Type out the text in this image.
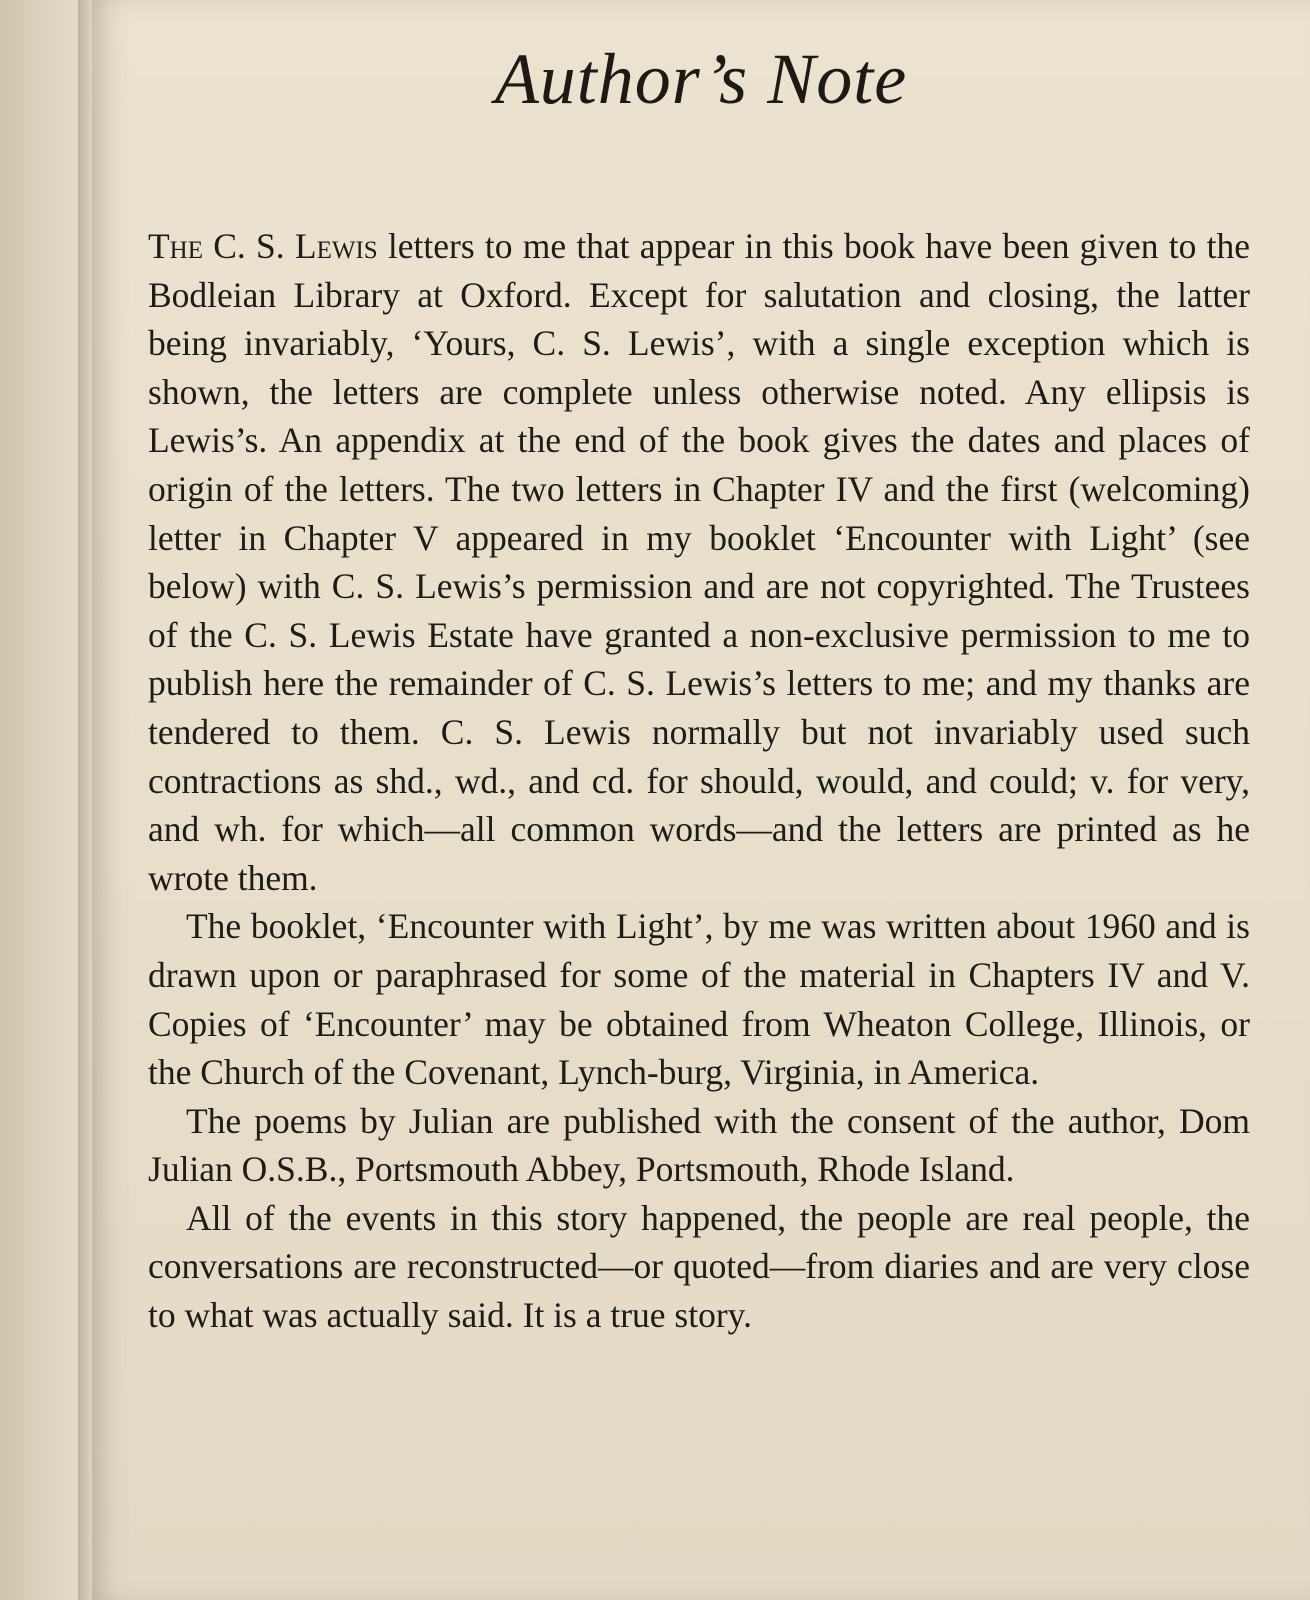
Author’s Note

The C. S. Lewis letters to me that appear in this book have been given to the Bodleian Library at Oxford. Except for salutation and closing, the latter being invariably, ‘Yours, C. S. Lewis’, with a single exception which is shown, the letters are complete unless otherwise noted. Any ellipsis is Lewis’s. An appendix at the end of the book gives the dates and places of origin of the letters. The two letters in Chapter IV and the first (welcoming) letter in Chapter V appeared in my booklet ‘Encounter with Light’ (see below) with C. S. Lewis’s permission and are not copyrighted. The Trustees of the C. S. Lewis Estate have granted a non-exclusive permission to me to publish here the remainder of C. S. Lewis’s letters to me; and my thanks are tendered to them. C. S. Lewis normally but not invariably used such contractions as shd., wd., and cd. for should, would, and could; v. for very, and wh. for which—all common words—and the letters are printed as he wrote them.

The booklet, ‘Encounter with Light’, by me was written about 1960 and is drawn upon or paraphrased for some of the material in Chapters IV and V. Copies of ‘Encounter’ may be obtained from Wheaton College, Illinois, or the Church of the Covenant, Lynch-burg, Virginia, in America.

The poems by Julian are published with the consent of the author, Dom Julian O.S.B., Portsmouth Abbey, Portsmouth, Rhode Island.

All of the events in this story happened, the people are real people, the conversations are reconstructed—or quoted—from diaries and are very close to what was actually said. It is a true story.
